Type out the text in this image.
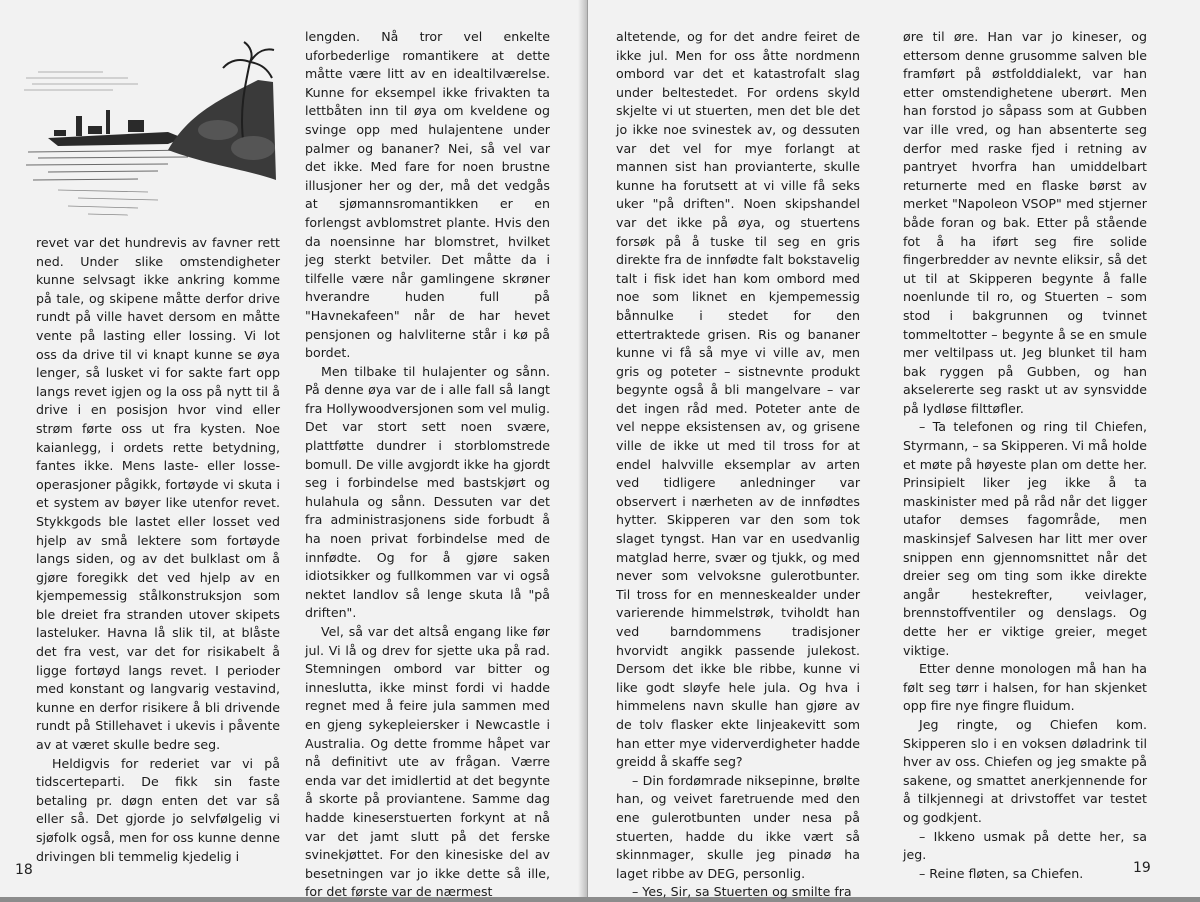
revet var det hundrevis av favner rett ned. Under slike omstendigheter kunne selvsagt ikke ankring komme på tale, og skipene måtte derfor drive rundt på ville havet dersom en måtte vente på lasting eller lossing. Vi lot oss da drive til vi knapt kunne se øya lenger, så lusket vi for sakte fart opp langs revet igjen og la oss på nytt til å drive i en posisjon hvor vind eller strøm førte oss ut fra kysten. Noe kaianlegg, i ordets rette betydning, fantes ikke. Mens laste- eller losse-operasjoner pågikk, fortøyde vi skuta i et system av bøyer like utenfor revet. Stykkgods ble lastet eller losset ved hjelp av små lektere som fortøyde langs siden, og av det bulklast om å gjøre foregikk det ved hjelp av en kjempemessig stålkonstruksjon som ble dreiet fra stranden utover skipets lasteluker. Havna lå slik til, at blåste det fra vest, var det for risikabelt å ligge fortøyd langs revet. I perioder med konstant og langvarig vestavind, kunne en derfor risikere å bli drivende rundt på Stillehavet i ukevis i påvente av at været skulle bedre seg.

Heldigvis for rederiet var vi på tidscerteparti. De fikk sin faste betaling pr. døgn enten det var så eller så. Det gjorde jo selvfølgelig vi sjøfolk også, men for oss kunne denne drivingen bli temmelig kjedelig i

lengden. Nå tror vel enkelte uforbederlige romantikere at dette måtte være litt av en idealtilværelse. Kunne for eksempel ikke frivakten ta lettbåten inn til øya om kveldene og svinge opp med hulajentene under palmer og bananer? Nei, så vel var det ikke. Med fare for noen brustne illusjoner her og der, må det vedgås at sjømannsromantikken er en forlengst avblomstret plante. Hvis den da noensinne har blomstret, hvilket jeg sterkt betviler. Det måtte da i tilfelle være når gamlingene skrøner hverandre huden full på "Havnekafeen" når de har hevet pensjonen og halvliterne står i kø på bordet.

Men tilbake til hulajenter og sånn. På denne øya var de i alle fall så langt fra Hollywoodversjonen som vel mulig. Det var stort sett noen svære, plattføtte dundrer i storblomstrede bomull. De ville avgjordt ikke ha gjordt seg i forbindelse med bastskjørt og hulahula og sånn. Dessuten var det fra administrasjonens side forbudt å ha noen privat forbindelse med de innfødte. Og for å gjøre saken idiotsikker og fullkommen var vi også nektet landlov så lenge skuta lå "på driften".

Vel, så var det altså engang like før jul. Vi lå og drev for sjette uka på rad. Stemningen ombord var bitter og inneslutta, ikke minst fordi vi hadde regnet med å feire jula sammen med en gjeng sykepleiersker i Newcastle i Australia. Og dette fromme håpet var nå definitivt ute av frågan. Værre enda var det imidlertid at det begynte å skorte på proviantene. Samme dag hadde kineserstuerten forkynt at nå var det jamt slutt på det ferske svinekjøttet. For den kinesiske del av besetningen var jo ikke dette så ille, for det første var de nærmest

18

altetende, og for det andre feiret de ikke jul. Men for oss åtte nordmenn ombord var det et katastrofalt slag under beltestedet. For ordens skyld skjelte vi ut stuerten, men det ble det jo ikke noe svinestek av, og dessuten var det vel for mye forlangt at mannen sist han provianterte, skulle kunne ha forutsett at vi ville få seks uker "på driften". Noen skipshandel var det ikke på øya, og stuertens forsøk på å tuske til seg en gris direkte fra de innfødte falt bokstavelig talt i fisk idet han kom ombord med noe som liknet en kjempemessig bånnulke i stedet for den ettertraktede grisen. Ris og bananer kunne vi få så mye vi ville av, men gris og poteter – sistnevnte produkt begynte også å bli mangelvare – var det ingen råd med. Poteter ante de vel neppe eksistensen av, og grisene ville de ikke ut med til tross for at endel halvville eksemplar av arten ved tidligere anledninger var observert i nærheten av de innfødtes hytter. Skipperen var den som tok slaget tyngst. Han var en usedvanlig matglad herre, svær og tjukk, og med never som velvoksne gulerotbunter. Til tross for en menneskealder under varierende himmelstrøk, tviholdt han ved barndommens tradisjoner hvorvidt angikk passende julekost. Dersom det ikke ble ribbe, kunne vi like godt sløyfe hele jula. Og hva i himmelens navn skulle han gjøre av de tolv flasker ekte linjeakevitt som han etter mye viderverdigheter hadde greidd å skaffe seg?

– Din fordømrade niksepinne, brølte han, og veivet faretruende med den ene gulerotbunten under nesa på stuerten, hadde du ikke vært så skinnmager, skulle jeg pinadø ha laget ribbe av DEG, personlig.

– Yes, Sir, sa Stuerten og smilte fra

øre til øre. Han var jo kineser, og ettersom denne grusomme salven ble framført på østfolddialekt, var han etter omstendighetene uberørt. Men han forstod jo såpass som at Gubben var ille vred, og han absenterte seg derfor med raske fjed i retning av pantryet hvorfra han umiddelbart returnerte med en flaske børst av merket "Napoleon VSOP" med stjerner både foran og bak. Etter på stående fot å ha iført seg fire solide fingerbredder av nevnte eliksir, så det ut til at Skipperen begynte å falle noenlunde til ro, og Stuerten – som stod i bakgrunnen og tvinnet tommeltotter – begynte å se en smule mer veltilpass ut. Jeg blunket til ham bak ryggen på Gubben, og han akselererte seg raskt ut av synsvidde på lydløse filttøfler.

– Ta telefonen og ring til Chiefen, Styrmann, – sa Skipperen. Vi må holde et møte på høyeste plan om dette her. Prinsipielt liker jeg ikke å ta maskinister med på råd når det ligger utafor demses fagområde, men maskinsjef Salvesen har litt mer over snippen enn gjennomsnittet når det dreier seg om ting som ikke direkte angår hestekrefter, veivlager, brennstoffventiler og denslags. Og dette her er viktige greier, meget viktige.

Etter denne monologen må han ha følt seg tørr i halsen, for han skjenket opp fire nye fingre fluidum.

Jeg ringte, og Chiefen kom. Skipperen slo i en voksen døladrink til hver av oss. Chiefen og jeg smakte på sakene, og smattet anerkjennende for å tilkjennegi at drivstoffet var testet og godkjent.

– Ikkeno usmak på dette her, sa jeg.

– Reine fløten, sa Chiefen.	19
